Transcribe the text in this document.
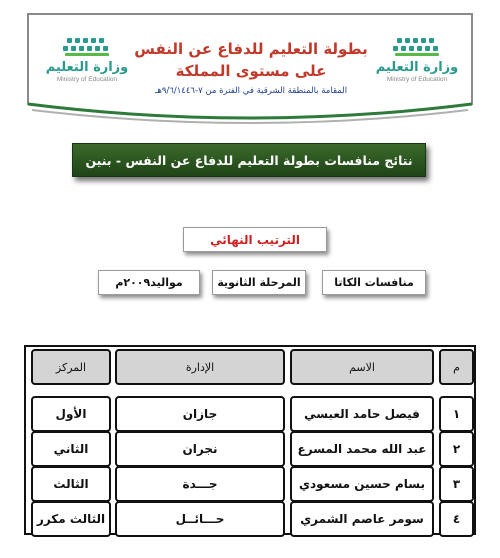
وزارة التعليم
Ministry of Education
بطولة التعليم للدفاع عن النفس
على مستوى المملكة
المقامة بالمنطقة الشرقية في الفترة من ٧-٩/٦/١٤٤٦هـ
وزارة التعليم
Ministry of Education
نتائج منافسات بطولة التعليم للدفاع عن النفس - بنين
الترتيب النهائي
منافسات الكاتا
المرحلة الثانوية
مواليد٢٠٠٩م
م
الاسم
الإدارة
المركز
١
فيصل حامد العبسي
جازان
الأول
٢
عبد الله محمد المسرع
نجران
الثاني
٣
بسام حسين مسعودي
جـــدة
الثالث
٤
سومر عاصم الشمري
حـــائــل
الثالث مكرر
